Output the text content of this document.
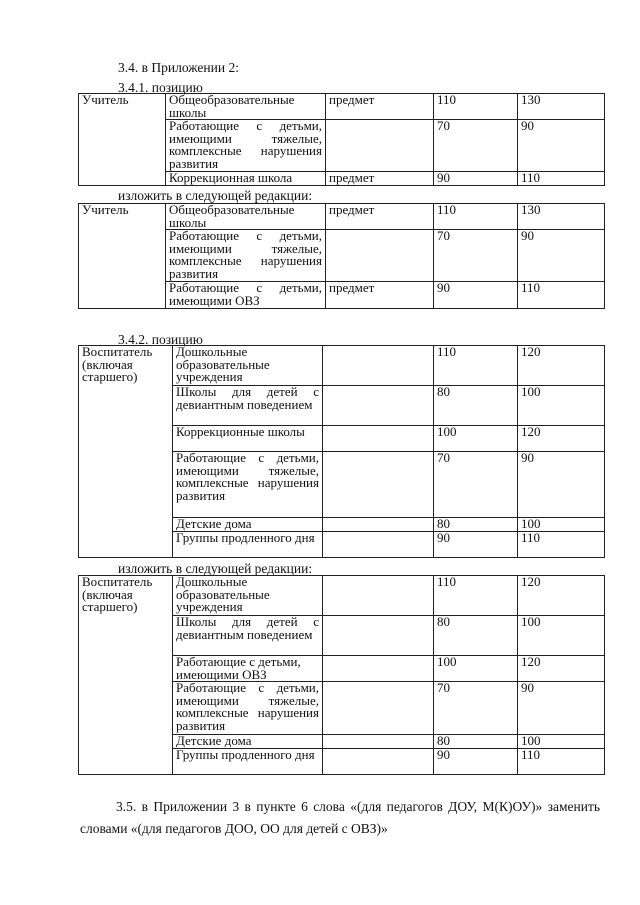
3.4. в Приложении 2:
3.4.1. позицию
Учитель	Общеобразовательные школы	предмет	110	130
	Работающие с детьми, имеющими тяжелые, комплексные нарушения развития		70	90
	Коррекционная школа	предмет	90	110
изложить в следующей редакции:
Учитель	Общеобразовательные школы	предмет	110	130
	Работающие с детьми, имеющими тяжелые, комплексные нарушения развития		70	90
	Работающие с детьми, имеющими ОВЗ	предмет	90	110
3.4.2. позицию
Воспитатель (включая старшего)	Дошкольные образовательные учреждения		110	120
	Школы для детей с девиантным поведением		80	100
	Коррекционные школы		100	120
	Работающие с детьми, имеющими тяжелые, комплексные нарушения развития		70	90
	Детские дома		80	100
	Группы продленного дня		90	110
изложить в следующей редакции:
Воспитатель (включая старшего)	Дошкольные образовательные учреждения		110	120
	Школы для детей с девиантным поведением		80	100
	Работающие с детьми, имеющими ОВЗ		100	120
	Работающие с детьми, имеющими тяжелые, комплексные нарушения развития		70	90
	Детские дома		80	100
	Группы продленного дня		90	110
3.5. в Приложении 3 в пункте 6 слова «(для педагогов ДОУ, М(К)ОУ)» заменить словами «(для педагогов ДОО, ОО для детей с ОВЗ)»
